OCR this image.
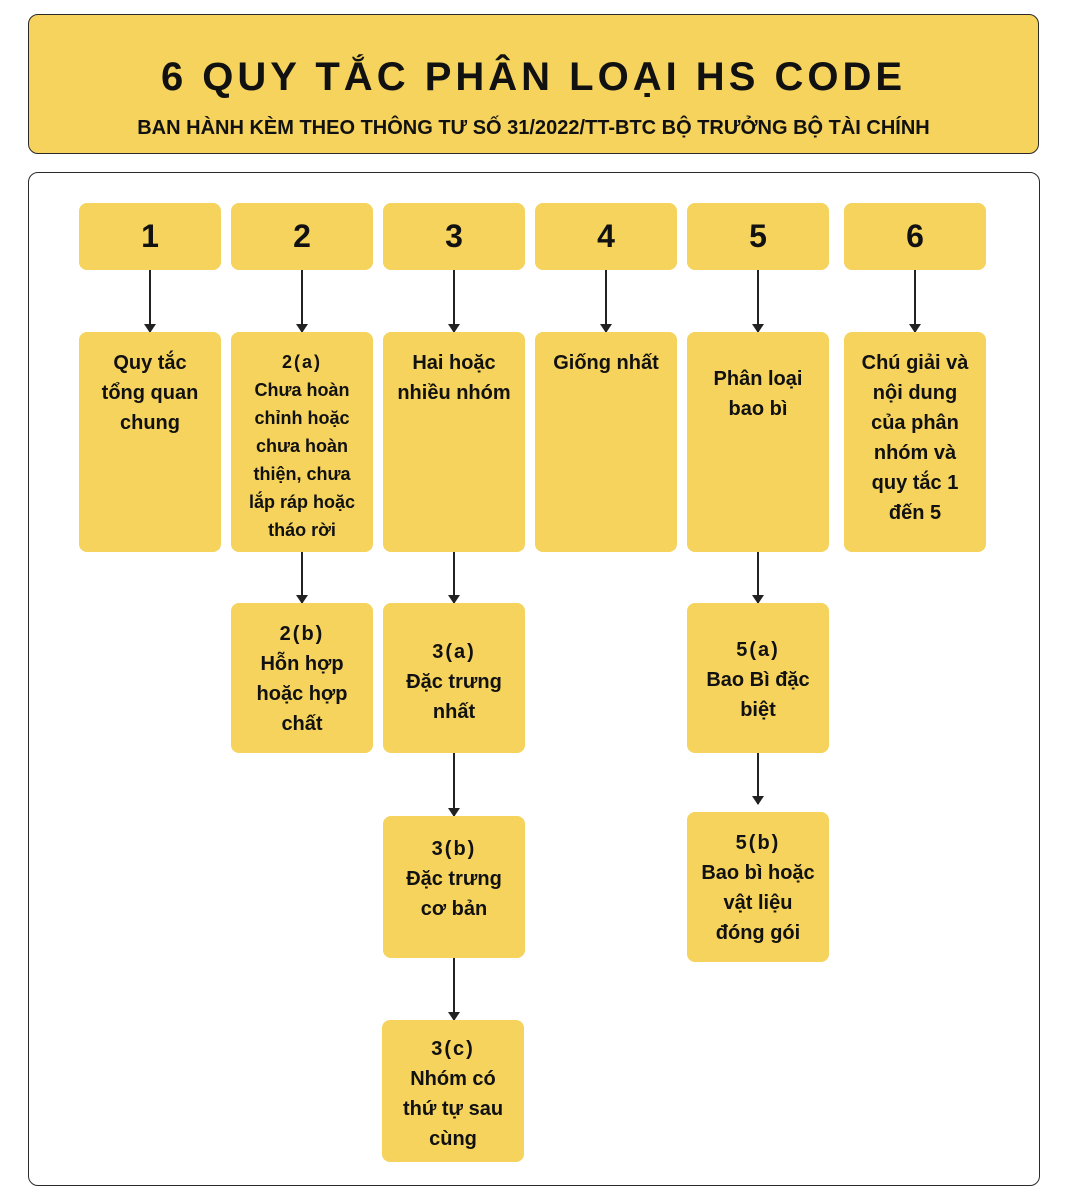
6 QUY TẮC PHÂN LOẠI HS CODE
BAN HÀNH KÈM THEO THÔNG TƯ SỐ 31/2022/TT-BTC BỘ TRƯỞNG BỘ TÀI CHÍNH
1	2	3	4	5	6
Quy tắc
tổng quan
chung
2(a)
Chưa hoàn
chỉnh hoặc
chưa hoàn
thiện, chưa
lắp ráp hoặc
tháo rời
Hai hoặc
nhiều nhóm
Giống nhất
Phân loại
bao bì
Chú giải và
nội dung
của phân
nhóm và
quy tắc 1
đến 5
2(b)
Hỗn hợp
hoặc hợp
chất
3(a)
Đặc trưng
nhất
5(a)
Bao Bì đặc
biệt
3(b)
Đặc trưng
cơ bản
5(b)
Bao bì hoặc
vật liệu
đóng gói
3(c)
Nhóm có
thứ tự sau
cùng
